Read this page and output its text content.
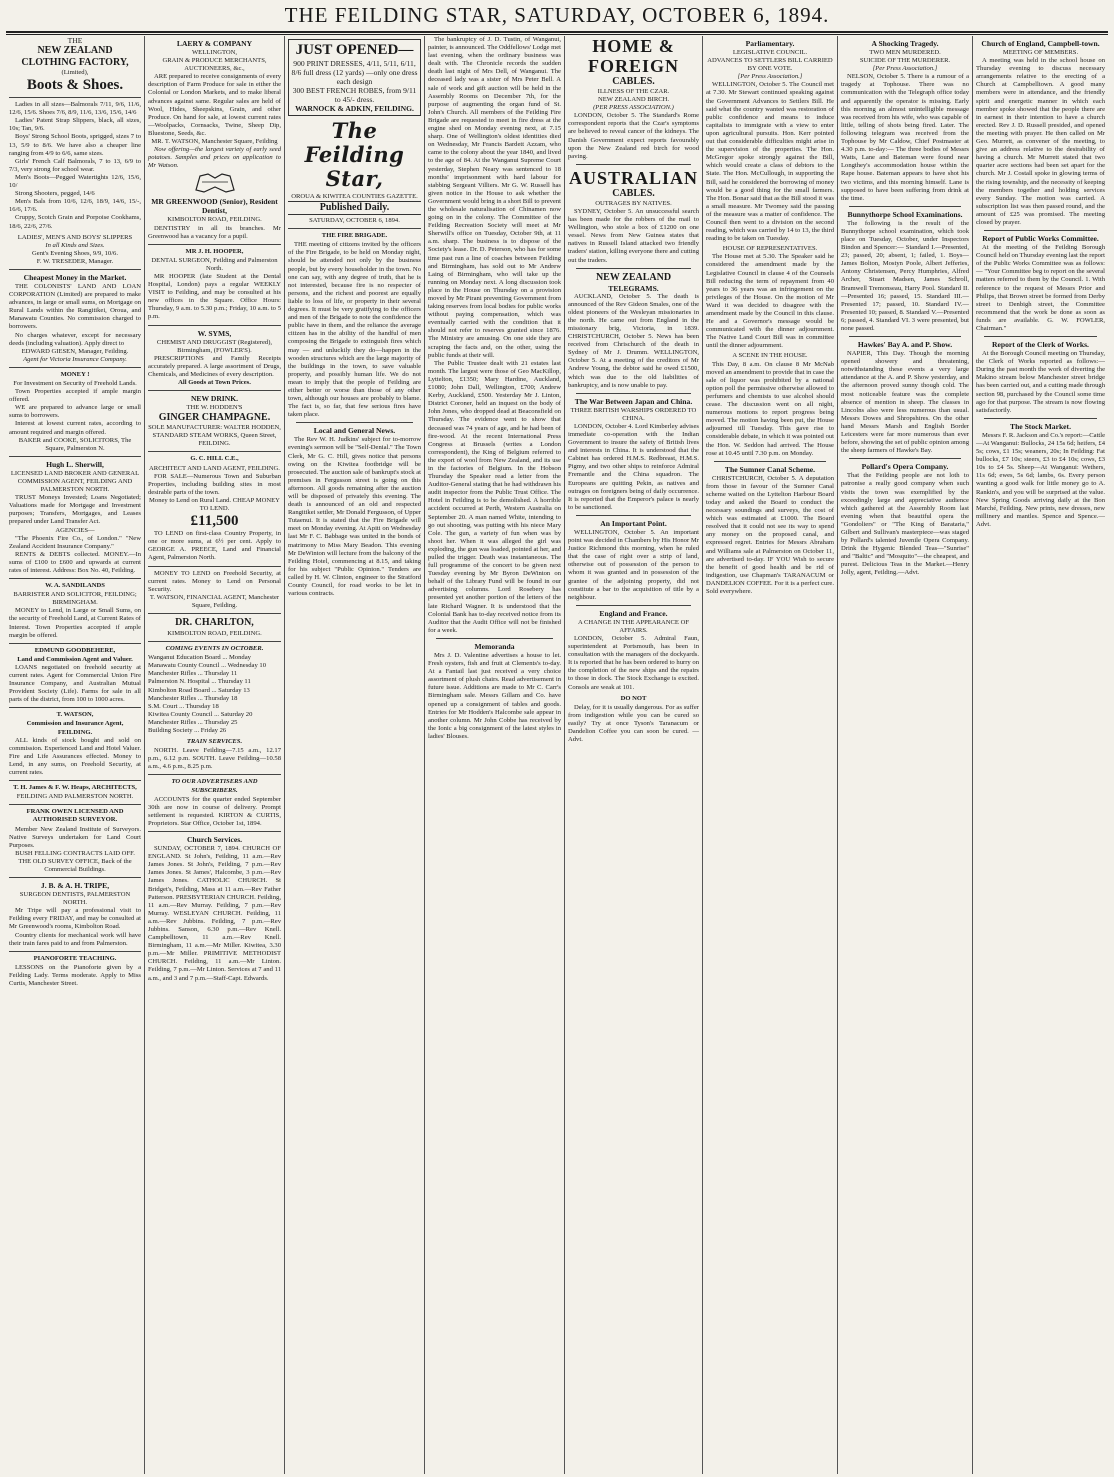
THE FEILDING STAR, SATURDAY, OCTOBER 6, 1894.
THE
NEW ZEALAND CLOTHING FACTORY,
(Limited),
Boots & Shoes.

Ladies in all sizes—Balmorals 7/11, 9/6, 11/6, 12/6, 15/6. Shoes 7/6, 8/9, 11/6, 13/6, 15/6, 14/6

Ladies' Patent Strap Slippers, black, all sizes, 10s; Tan, 9/6.

Boys' Strong School Boots, sprigged, sizes 7 to 13, 5/9 to 8/6. We have also a cheaper line ranging from 4/9 to 6/6, same sizes.

Girls' French Calf Balmorals, 7 to 13, 6/9 to 7/3, very strong for school wear.

Men's Boots—Pegged Watertights 12/6, 15/6, 10/

Strong Shooters, pegged, 14/6

Men's Bals from 10/6, 12/6, 18/9, 14/6, 15/-, 16/6, 17/6.

Cruppy, Scotch Grain and Porpoise Cookhams, 18/6, 22/6, 27/6.

LADIES', MEN'S AND BOYS' SLIPPERS
In all Kinds and Sizes.
Gent's Evening Shoes, 9/9, 10/6.
F. W. TRESEDER, Manager.
Cheapest Money in the Market.

THE COLONISTS' LAND AND LOAN CORPORATION (Limited) are prepared to make advances, in large or small sums, on Mortgage on Rural Lands within the Rangitikei, Oroua, and Manawatu Counties. No commission charged to borrowers.

No charges whatever, except for necessary deeds (including valuation). Apply direct to

EDWARD GIESEN, Manager, Feilding.
Agent for Victoria Insurance Company.
MONEY !
For Investment on Security of Freehold Lands.

Town Properties accepted if ample margin offered.

WE are prepared to advance large or small sums to borrowers.

Interest at lowest current rates, according to amount required and margin offered.

BAKER and COOKE, SOLICITORS, The Square, Palmerston N.
Hugh L. Sherwill,
LICENSED LAND BROKER AND GENERAL COMMISSION AGENT, FEILDING AND PALMERSTON NORTH.

TRUST Moneys Invested; Loans Negotiated; Valuations made for Mortgage and Investment purposes; Transfers, Mortgages, and Leases prepared under Land Transfer Act.

AGENCIES—

"The Phoenix Fire Co., of London." "New Zealand Accident Insurance Company."

RENTS & DEBTS collected. MONEY.—In sums of £100 to £600 and upwards at current rates of interest. Address: Box No. 40, Feilding.

W. A. SANDILANDS
BARRISTER AND SOLICITOR, FEILDING; BIRMINGHAM.

MONEY to Lend, in Large or Small Sums, on the security of Freehold Land, at Current Rates of Interest. Town Properties accepted if ample margin be offered.

EDMUND GOODBEHERE,
Land and Commission Agent and Valuer.

LOANS negotiated on freehold security at current rates. Agent for Commercial Union Fire Insurance Company, and Australian Mutual Provident Society (Life). Farms for sale in all parts of the district, from 100 to 1000 acres.

T. WATSON,
Commission and Insurance Agent, FEILDING.

ALL kinds of stock bought and sold on commission. Experienced Land and Hotel Valuer. Fire and Life Assurances effected. Money to Lend, in any sums, on Freehold Security, at current rates.

T. H. James & F. W. Heaps, ARCHITECTS,
FEILDING AND PALMERSTON NORTH.
FRANK OWEN LICENSED AND AUTHORISED SURVEYOR.

Member New Zealand Institute of Surveyors. Native Surveys undertaken for Land Court Purposes.

BUSH FELLING CONTRACTS LAID OFF.
THE OLD SURVEY OFFICE, Back of the Commercial Buildings.
J. B. & A. H. TRIPE,
SURGEON DENTISTS, PALMERSTON NORTH.

Mr Tripe will pay a professional visit to Feilding every FRIDAY, and may be consulted at Mr Greenwood's rooms, Kimbolton Road.

Country clients for mechanical work will have their train fares paid to and from Palmerston.

PIANOFORTE TEACHING.

LESSONS on the Pianoforte given by a Feilding Lady. Terms moderate. Apply to Miss Curtis, Manchester Street.

LAERY & COMPANY
WELLINGTON,
GRAIN & PRODUCE MERCHANTS, AUCTIONEERS, &c.,

ARE prepared to receive consignments of every description of Farm Produce for sale in either the Colonial or London Markets, and to make liberal advances against same. Regular sales are held of Wool, Hides, Sheepskins, Grain, and other Produce. On hand for sale, at lowest current rates—Woolpacks, Cornsacks, Twine, Sheep Dip, Bluestone, Seeds, &c.

MR. T. WATSON, Manchester Square, Feilding

Now offering—the largest variety of early seed potatoes. Samples and prices on application to Mr Watson.

MR GREENWOOD (Senior), Resident Dentist,
KIMBOLTON ROAD, FEILDING.

DENTISTRY in all its branches. Mr Greenwood has a vacancy for a pupil.

MR J. H. HOOPER,
DENTAL SURGEON, Feilding and Palmerston North.

MR HOOPER (late Student at the Dental Hospital, London) pays a regular WEEKLY VISIT to Feilding, and may be consulted at his new offices in the Square. Office Hours: Thursday, 9 a.m. to 5.30 p.m.; Friday, 10 a.m. to 5 p.m.

W. SYMS,
CHEMIST AND DRUGGIST (Registered), Birmingham, (FOWLER'S).

PRESCRIPTIONS and Family Receipts accurately prepared. A large assortment of Drugs, Chemicals, and Medicines of every description.

All Goods at Town Prices.
NEW DRINK.
THE W. HODDEN'S
GINGER CHAMPAGNE.
SOLE MANUFACTURER: WALTER HODDEN, STANDARD STEAM WORKS, Queen Street, FEILDING.
G. C. HILL C.E.,
ARCHITECT AND LAND AGENT, FEILDING.

FOR SALE—Numerous Town and Suburban Properties, including building sites in most desirable parts of the town.

Money to Lend on Rural Land. CHEAP MONEY TO LEND.
£11,500

TO LEND on first-class Country Property, in one or more sums, at 6½ per cent. Apply to GEORGE A. PREECE, Land and Financial Agent, Palmerston North.

MONEY TO LEND on Freehold Security, at current rates. Money to Lend on Personal Security.

T. WATSON, FINANCIAL AGENT, Manchester Square, Feilding.
DR. CHARLTON,
KIMBOLTON ROAD, FEILDING.
COMING EVENTS IN OCTOBER.
Wanganui Education Board ... Monday
Manawatu County Council ... Wednesday 10
Manchester Rifles ... Thursday 11
Palmerston N. Hospital ... Thursday 11
Kimbolton Road Board ... Saturday 13
Manchester Rifles ... Thursday 18
S.M. Court ... Thursday 18
Kiwitea County Council ... Saturday 20
Manchester Rifles ... Thursday 25
Building Society ... Friday 26
TRAIN SERVICES.

NORTH. Leave Feilding—7.15 a.m., 12.17 p.m., 6.12 p.m. SOUTH. Leave Feilding—10.58 a.m., 4.6 p.m., 8.25 p.m.

TO OUR ADVERTISERS AND SUBSCRIBERS.

ACCOUNTS for the quarter ended September 30th are now in course of delivery. Prompt settlement is requested. KIRTON & CURTIS, Proprietors. Star Office, October 1st, 1894.

Church Services.

SUNDAY, OCTOBER 7, 1894. CHURCH OF ENGLAND. St John's, Feilding, 11 a.m.—Rev James Jones. St John's, Feilding, 7 p.m.—Rev James Jones. St James', Halcombe, 3 p.m.—Rev James Jones. CATHOLIC CHURCH. St Bridget's, Feilding, Mass at 11 a.m.—Rev Father Patterson. PRESBYTERIAN CHURCH. Feilding, 11 a.m.—Rev Murray. Feilding, 7 p.m.—Rev Murray. WESLEYAN CHURCH. Feilding, 11 a.m.—Rev Jubbins. Feilding, 7 p.m.—Rev Jubbins. Sanson, 6.30 p.m.—Rev Knell. Campbelltown, 11 a.m.—Rev Knell. Birmingham, 11 a.m.—Mr Miller. Kiwitea, 3.30 p.m.—Mr Miller. PRIMITIVE METHODIST CHURCH. Feilding, 11 a.m.—Mr Linton. Feilding, 7 p.m.—Mr Linton. Services at 7 and 11 a.m., and 3 and 7 p.m.—Staff-Capt. Edwards.

JUST OPENED—
900 PRINT DRESSES, 4/11, 5/11, 6/11, 8/6 full dress (12 yards) —only one dress each design
300 BEST FRENCH ROBES, from 9/11 to 45/- dress.
WARNOCK & ADKIN, FEILDING.
The Feilding Star,
OROUA & KIWITEA COUNTIES GAZETTE.
Published Daily.
SATURDAY, OCTOBER 6, 1894.
THE FIRE BRIGADE.

THE meeting of citizens invited by the officers of the Fire Brigade, to be held on Monday night, should be attended not only by the business people, but by every householder in the town. No one can say, with any degree of truth, that he is not interested, because fire is no respecter of persons, and the richest and poorest are equally liable to loss of life, or property in their several degrees. It must be very gratifying to the officers and men of the Brigade to note the confidence the public have in them, and the reliance the average citizen has in the ability of the handful of men composing the Brigade to extinguish fires which may — and unluckily they do—happen in the wooden structures which are the large majority of the buildings in the town, to save valuable property, and possibly human life. We do not mean to imply that the people of Feilding are either better or worse than those of any other town, although our houses are probably to blame. The fact is, so far, that few serious fires have taken place.

Local and General News.

The Rev W. H. Judkins' subject for to-morrow evening's sermon will be "Self-Denial." The Town Clerk, Mr G. C. Hill, gives notice that persons owing on the Kiwitea footbridge will be prosecuted. The auction sale of bankrupt's stock at premises in Fergusson street is going on this afternoon. All goods remaining after the auction will be disposed of privately this evening. The death is announced of an old and respected Rangitikei settler, Mr Donald Fergusson, of Upper Tutaenui. It is stated that the Fire Brigade will meet on Monday evening. At Apiti on Wednesday last Mr F. C. Babbage was united in the bonds of matrimony to Miss Mary Beadon. This evening Mr DeWinton will lecture from the balcony of the Feilding Hotel, commencing at 8.15, and taking for his subject "Public Opinion." Tenders are called by H. W. Clinton, engineer to the Stratford County Council, for road works to be let in various contracts.

The bankruptcy of J. D. Tustin, of Wanganui, painter, is announced. The Oddfellows' Lodge met last evening, when the ordinary business was dealt with. The Chronicle records the sudden death last night of Mrs Dell, of Wanganui. The deceased lady was a sister of Mrs Peter Bell. A sale of work and gift auction will be held in the Assembly Rooms on December 7th, for the purpose of augmenting the organ fund of St. John's Church. All members of the Feilding Fire Brigade are requested to meet in fire dress at the engine shed on Monday evening next, at 7.15 sharp. One of Wellington's oldest identities died on Wednesday, Mr Francis Bardett Azzam, who came to the colony about the year 1840, and lived to the age of 84. At the Wanganui Supreme Court yesterday, Stephen Neary was sentenced to 18 months' imprisonment with hard labour for stabbing Sergeant Villiers. Mr G. W. Russell has given notice in the House to ask whether the Government would bring in a short Bill to prevent the wholesale naturalisation of Chinamen now going on in the colony. The Committee of the Feilding Recreation Society will meet at Mr Sherwill's office on Tuesday, October 9th, at 11 a.m. sharp. The business is to dispose of the Society's lease. Dr. D. Peterson, who has for some time past run a line of coaches between Feilding and Birmingham, has sold out to Mr Andrew Laing of Birmingham, who will take up the running on Monday next. A long discussion took place in the House on Thursday on a provision moved by Mr Pirani preventing Government from taking reserves from local bodies for public works without paying compensation, which was eventually carried with the condition that it should not refer to reserves granted since 1876. The Ministry are amusing. On one side they are scraping the facts and, on the other, using the public funds at their will.

The Public Trustee dealt with 21 estates last month. The largest were those of Geo MacKillop, Lyttelton, £1350; Mary Hardine, Auckland, £1080; John Dall, Wellington, £700; Andrew Kerby, Auckland, £500. Yesterday Mr J. Linton, District Coroner, held an inquest on the body of John Jones, who dropped dead at Beaconsfield on Thursday. The evidence went to show that deceased was 74 years of age, and he had been of fire-wood. At the recent International Press Congress at Brussels (writes a London correspondent), the King of Belgium referred to the export of wool from New Zealand, and its use in the factories of Belgium. In the Hobson Thursday the Speaker read a letter from the Auditor-General stating that he had withdrawn his audit inspector from the Public Trust Office. The Hotel in Feilding is to be demolished. A horrible accident occurred at Perth, Western Australia on September 20. A man named White, intending to go out shooting, was putting with his niece Mary Cole. The gun, a variety of fun when was by shoot her. When it was alleged the girl was exploding, the gun was loaded, pointed at her, and pulled the trigger. Death was instantaneous. The full programme of the concert to be given next Tuesday evening by Mr Byron DeWinton on behalf of the Library Fund will be found in our advertising columns. Lord Rosebery has presented yet another portion of the letters of the late Richard Wagner. It is understood that the Colonial Bank has to-day received notice from its Auditor that the Audit Office will not be finished for a week.

Memoranda

Mrs J. D. Valentine advertises a house to let. Fresh oysters, fish and fruit at Clements's to-day. At a Fantail last just received a very choice assortment of plush chairs. Read advertisement in future issue. Additions are made to Mr C. Carr's Birmingham sale. Messrs Gillam and Co. have opened up a consignment of tables and goods. Entries for Mr Hodden's Halcombe sale appear in another column. Mr John Cobbe has received by the Ionic a big consignment of the latest styles in ladies' Blouses.

HOME & FOREIGN
CABLES.
ILLNESS OF THE CZAR.
NEW ZEALAND BIRCH.
(PER PRESS ASSOCIATION.)

LONDON, October 5. The Standard's Rome correspondent reports that the Czar's symptoms are believed to reveal cancer of the kidneys. The Danish Government expect reports favourably upon the New Zealand red birch for wood paving.

AUSTRALIAN
CABLES.
OUTRAGES BY NATIVES.

SYDNEY, October 5. An unsuccessful search has been made for the robbers of the mail to Wellington, who stole a box of £1200 on one vessel. News from New Guinea states that natives in Russell Island attacked two friendly traders' station, killing everyone there and cutting out the traders.

NEW ZEALAND
TELEGRAMS.

AUCKLAND, October 5. The death is announced of the Rev Gideon Smales, one of the oldest pioneers of the Wesleyan missionaries in the north. He came out from England in the missionary brig, Victoria, in 1839. CHRISTCHURCH, October 5. News has been received from Chrischurch of the death in Sydney of Mr J. Drumm. WELLINGTON, October 5. At a meeting of the creditors of Mr Andrew Young, the debtor said he owed £1500, which was due to the old liabilities of bankruptcy, and is now unable to pay.

The War Between Japan and China.
THREE BRITISH WARSHIPS ORDERED TO CHINA.

LONDON, October 4. Lord Kimberley advises immediate co-operation with the Indian Government to insure the safety of British lives and interests in China. It is understood that the Cabinet has ordered H.M.S. Redbreast, H.M.S. Pigmy, and two other ships to reinforce Admiral Fremantle and the China squadron. The Europeans are quitting Pekin, as natives and outrages on foreigners being of daily occurrence. It is reported that the Emperor's palace is nearly to be sanctioned.

An Important Point.

WELLINGTON, October 5. An important point was decided in Chambers by His Honor Mr Justice Richmond this morning, when he ruled that the case of right over a strip of land, otherwise out of possession of the person to whom it was granted and in possession of the grantee of the adjoining property, did not constitute a bar to the acquisition of title by a neighbour.

England and France.
A CHANGE IN THE APPEARANCE OF AFFAIRS.

LONDON, October 5. Admiral Faun, superintendent at Portsmouth, has been in consultation with the managers of the dockyards. It is reported that he has been ordered to hurry on the completion of the new ships and the repairs to those in dock. The Stock Exchange is excited. Consols are weak at 101.

DO NOT

Delay, for it is usually dangerous. For as suffer from indigestion while you can be cured so easily? Try at once Tyson's Taranacum or Dandelion Coffee you can soon be cured. — Advt.

Parliamentary.
LEGISLATIVE COUNCIL.
ADVANCES TO SETTLERS BILL CARRIED BY ONE VOTE.
[Per Press Association.]

WELLINGTON, October 5. The Council met at 7.30. Mr Stewart continued speaking against the Government Advances to Settlers Bill. He said what the country wanted was restoration of public confidence and means to induce capitalists to immigrate with a view to enter upon agricultural pursuits. Hon. Kerr pointed out that considerable difficulties might arise in the supervision of the properties. The Hon. McGregor spoke strongly against the Bill, which would create a class of debtors to the State. The Hon. McCullough, in supporting the Bill, said he considered the borrowing of money would be a good thing for the small farmers. The Hon. Bonar said that as the Bill stood it was a small measure. Mr Twomey said the passing of the measure was a matter of confidence. The Council then went to a division on the second reading, which was carried by 14 to 13, the third reading to be taken on Tuesday.

HOUSE OF REPRESENTATIVES.

The House met at 5.30. The Speaker said he considered the amendment made by the Legislative Council in clause 4 of the Counsels Bill reducing the term of repayment from 40 years to 36 years was an infringement on the privileges of the House. On the motion of Mr Ward it was decided to disagree with the amendment made by the Council in this clause. He and a Governor's message would be communicated with the dinner adjournment. The Native Land Court Bill was in committee until the dinner adjournment.

A SCENE IN THE HOUSE.

This Day, 8 a.m. On clause 8 Mr McNab moved an amendment to provide that in case the sale of liquor was prohibited by a national option poll the permissive otherwise allowed to perfumers and chemists to use alcohol should cease. The discussion went on all night, numerous motions to report progress being moved. The motion having been put, the House adjourned till Tuesday. This gave rise to considerable debate, in which it was pointed out the Hon. W. Seddon had arrived. The House rose at 10.45 until 7.30 p.m. on Monday.

The Sumner Canal Scheme.

CHRISTCHURCH, October 5. A deputation from those in favour of the Sumner Canal scheme waited on the Lyttelton Harbour Board today and asked the Board to conduct the necessary soundings and surveys, the cost of which was estimated at £1000. The Board resolved that it could not see its way to spend any money on the proposed canal, and expressed regret. Entries for Messrs Abraham and Williams sale at Palmerston on October 11, are advertised to-day. IF YOU Wish to secure the benefit of good health and be rid of indigestion, use Chapman's TARANACUM or DANDELION COFFEE. For it is a perfect cure. Sold everywhere.

A Shocking Tragedy.
TWO MEN MURDERED.
SUICIDE OF THE MURDERER.
[Per Press Association.]

NELSON, October 5. There is a rumour of a tragedy at Tophouse. There was no communication with the Telegraph office today and apparently the operator is missing. Early this morning an almost unintelligible message was received from his wife, who was capable of little, telling of shots being fired. Later. The following telegram was received from the Tophouse by Mr Caldow, Chief Postmaster at 4.30 p.m. to-day:— The three bodies of Messrs Watts, Lane and Bateman were found near Longthey's accommodation house within the Rape house. Bateman appears to have shot his two victims, and this morning himself. Lane is supposed to have been suffering from drink at the time.

Bunnythorpe School Examinations.

The following is the result of the Bunnythorpe school examination, which took place on Tuesday, October, under Inspectors Bindon and Spencer:— Standard I.—Presented, 23; passed, 20; absent, 1; failed, 1. Boys—James Bolton, Mostyn Poole, Albert Jefferies, Antony Christensen, Percy Humphries, Alfred Archer, Stuart Madsen, James Schroll, Bramwell Tremonseau, Harry Pool. Standard II.—Presented 16; passed, 15. Standard III.—Presented 17; passed, 10. Standard IV.—Presented 10; passed, 8. Standard V.—Presented 6; passed, 4. Standard VI. 3 were presented, but none passed.

Hawkes' Bay A. and P. Show.

NAPIER, This Day. Though the morning opened showery and threatening, notwithstanding these events a very large attendance at the A. and P. Show yesterday, and the afternoon proved sunny though cold. The most noticeable feature was the complete absence of mention in sheep. The classes in Lincolns also were less numerous than usual. Messrs Dowes and Shropshires. On the other hand Messrs Marsh and English Border Leicesters were far more numerous than ever before, showing the set of public opinion among the sheep farmers of Hawke's Bay.

Pollard's Opera Company.

That the Feilding people are not loth to patronise a really good company when such visits the town was exemplified by the exceedingly large and appreciative audience which gathered at the Assembly Room last evening when that beautiful opera the "Gondoliers" or "The King of Barataria," Gilbert and Sullivan's masterpiece—was staged by Pollard's talented Juvenile Opera Company. Drink the Hygenic Blended Teas—"Sunrise" and "Baltic" and "Mosquito"—the cheapest, and purest. Delicious Teas in the Market.—Henry Jolly, agent, Feilding.—Advt.

Church of England, Campbell-town.
MEETING OF MEMBERS.

A meeting was held in the school house on Thursday evening to discuss necessary arrangements relative to the erecting of a Church at Campbelltown. A good many members were in attendance, and the friendly spirit and energetic manner in which each member spoke showed that the people there are in earnest in their intention to have a church erected. Rev J. D. Russell presided, and opened the meeting with prayer. He then called on Mr Geo. Murrett, as convener of the meeting, to give an address relative to the desirability of having a church. Mr Murrett stated that two quarter acre sections had been set apart for the church. Mr J. Costall spoke in glowing terms of the rising township, and the necessity of keeping the members together and holding services every Sunday. The motion was carried. A subscription list was then passed round, and the amount of £25 was promised. The meeting closed by prayer.

Report of Public Works Committee.

At the meeting of the Feilding Borough Council held on Thursday evening last the report of the Public Works Committee was as follows:— "Your Committee beg to report on the several matters referred to them by the Council. 1. With reference to the request of Messrs Prior and Philips, that Brown street be formed from Derby street to Denbigh street, the Committee recommend that the work be done as soon as funds are available. G. W. FOWLER, Chairman."

Report of the Clerk of Works.

At the Borough Council meeting on Thursday, the Clerk of Works reported as follows:—During the past month the work of diverting the Makino stream below Manchester street bridge has been carried out, and a cutting made through section 98, purchased by the Council some time ago for that purpose. The stream is now flowing satisfactorily.

The Stock Market.

Messrs F. R. Jackson and Co.'s report:—Cattle—At Wanganui: Bullocks, 24 15s 6d; heifers, £4 5s; cows, £1 15s; weaners, 20s; In Feilding: Fat bullocks, £7 10s; steers, £3 to £4 10s; cows, £3 10s to £4 5s. Sheep—At Wanganui: Wethers, 11s 6d; ewes, 5s 6d; lambs, 6s. Every person wanting a good walk for little money go to A. Rankin's, and you will be surprised at the value. New Spring Goods arriving daily at the Bon Marché, Feilding. New prints, new dresses, new millinery and mantles. Spence and Spence.—Advt.
